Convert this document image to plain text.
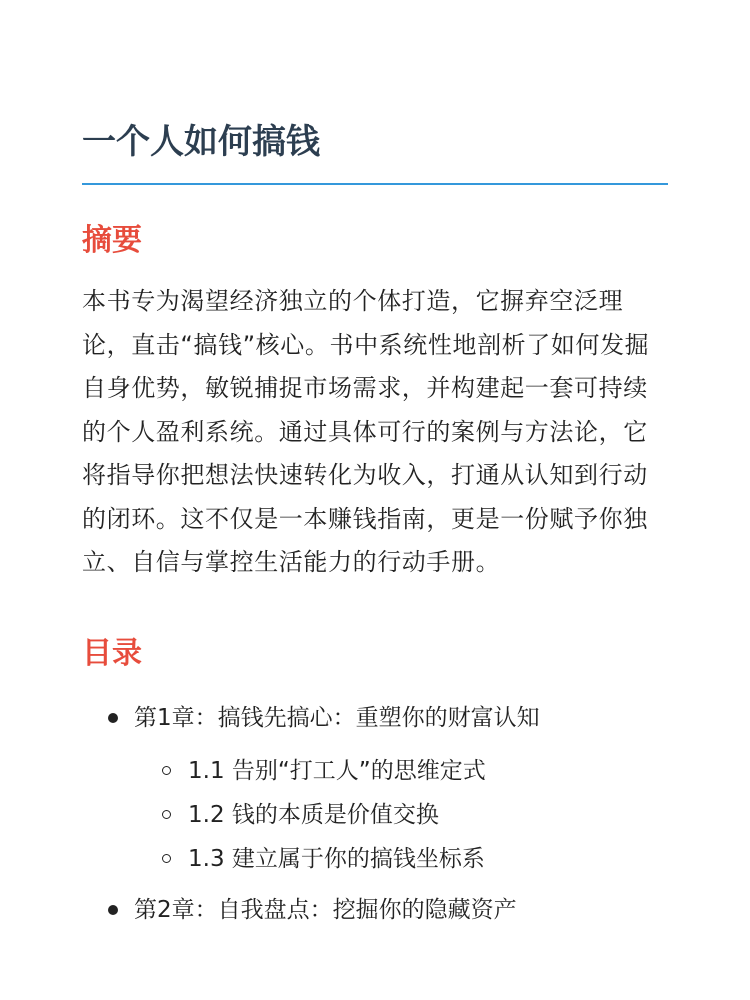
一个人如何搞钱
摘要

本书专为渴望经济独立的个体打造，它摒弃空泛理论，直击“搞钱”核心。书中系统性地剖析了如何发掘自身优势，敏锐捕捉市场需求，并构建起一套可持续的个人盈利系统。通过具体可行的案例与方法论，它将指导你把想法快速转化为收入，打通从认知到行动的闭环。这不仅是一本赚钱指南，更是一份赋予你独立、自信与掌控生活能力的行动手册。

目录
第1章：搞钱先搞心：重塑你的财富认知
1.1 告别“打工人”的思维定式
1.2 钱的本质是价值交换
1.3 建立属于你的搞钱坐标系
第2章：自我盘点：挖掘你的隐藏资产
